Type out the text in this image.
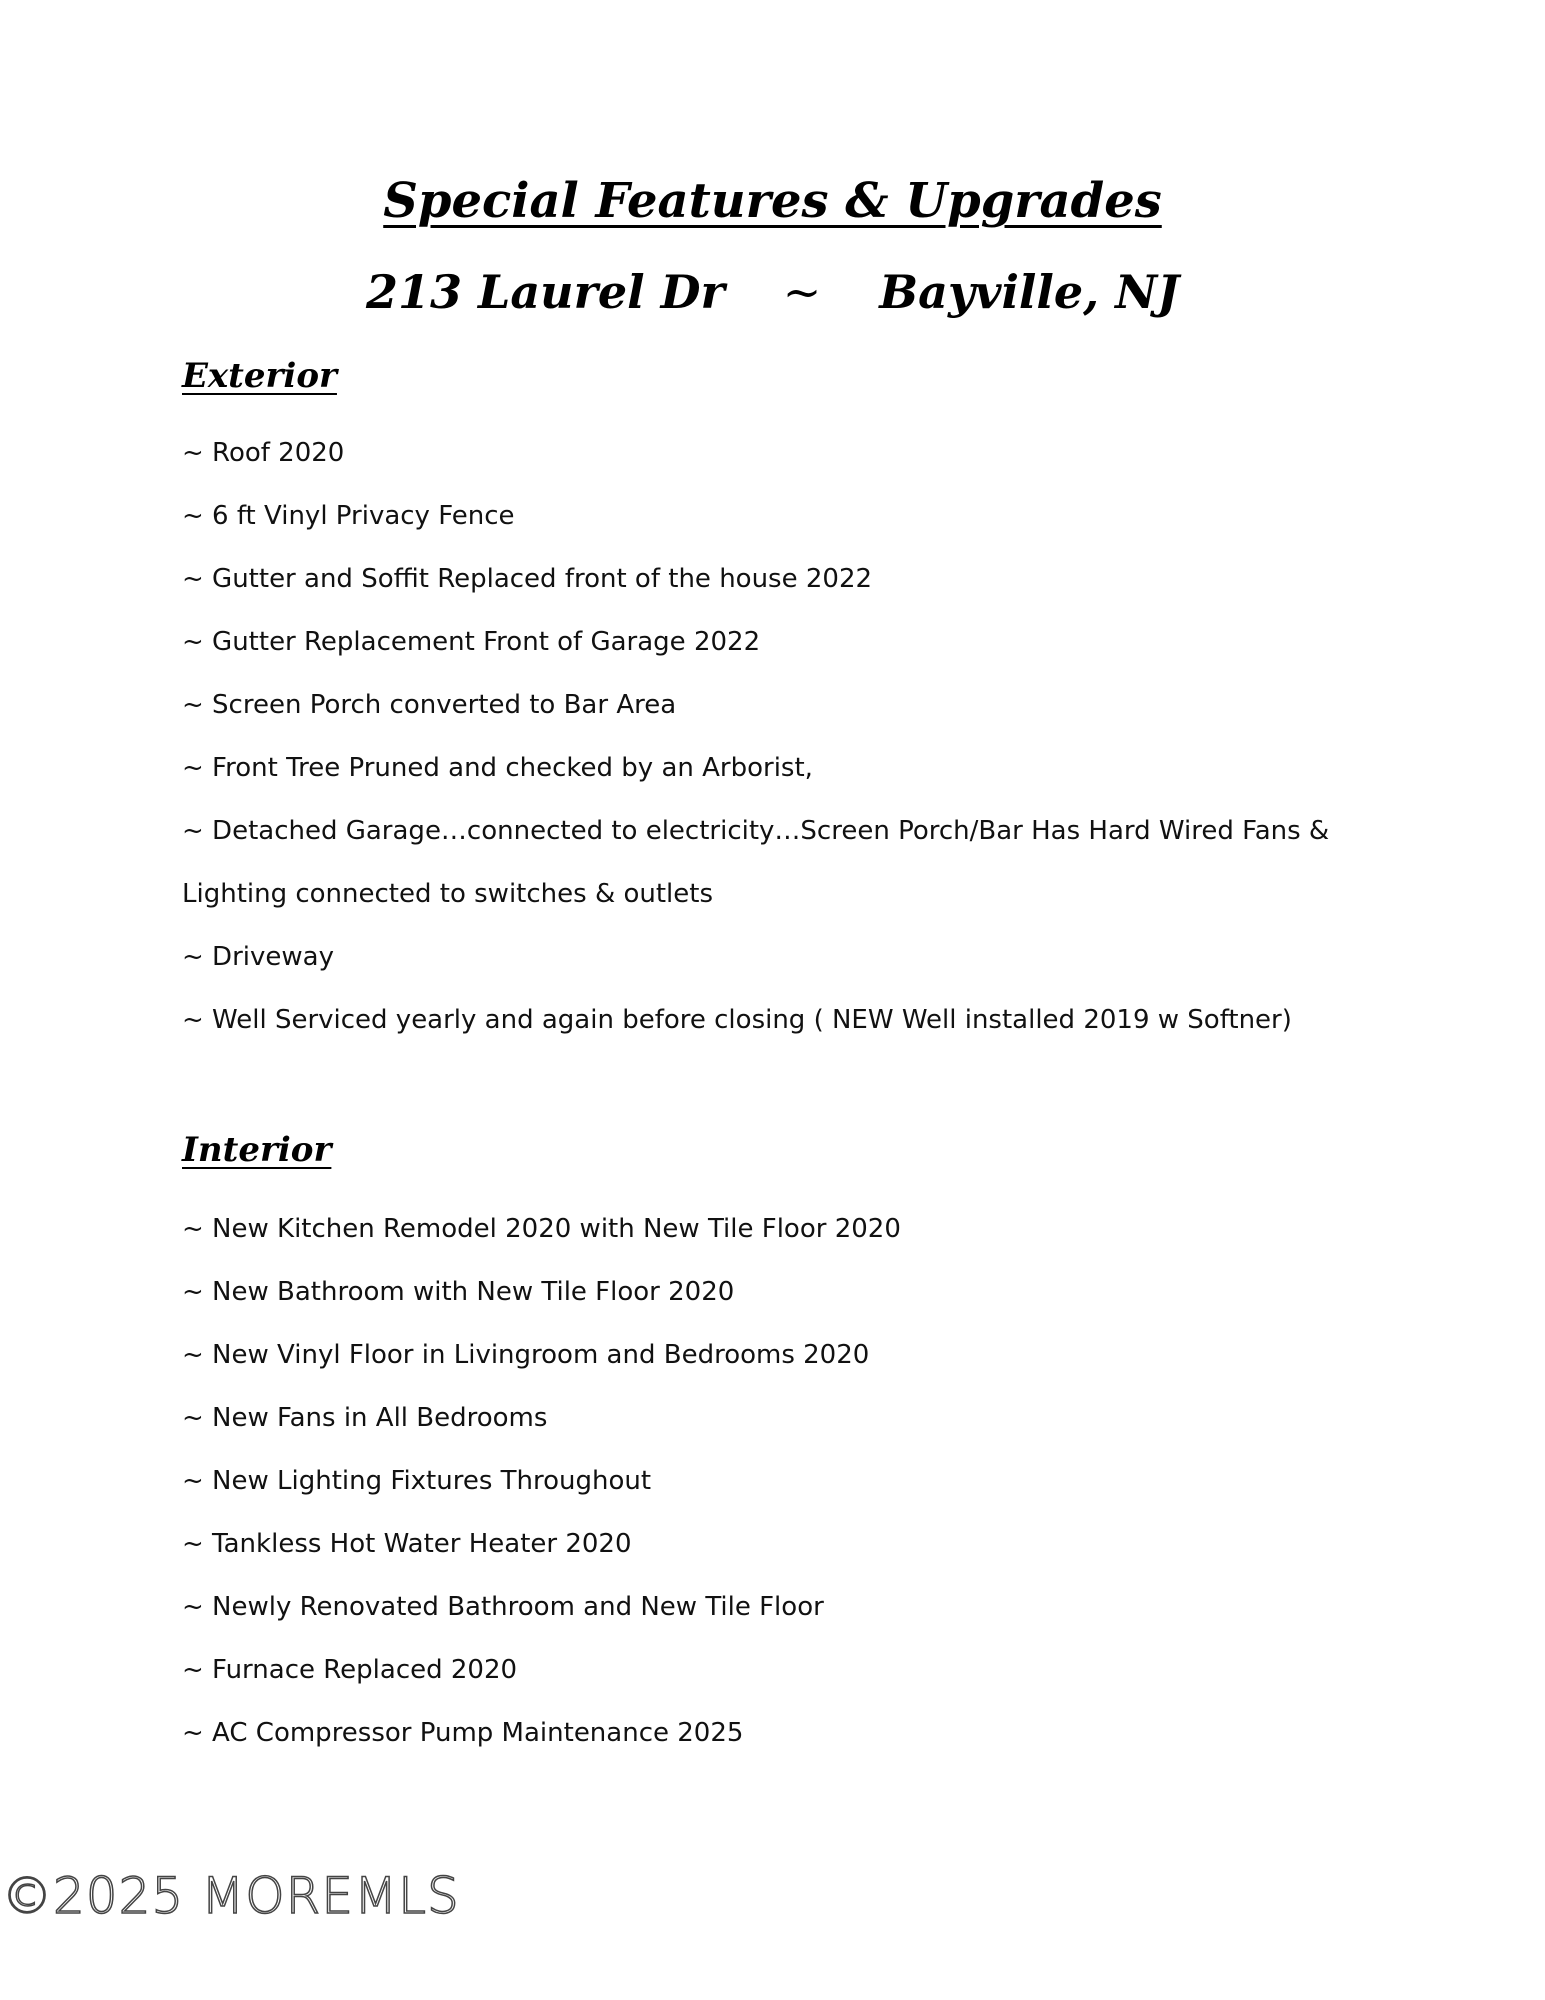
Special Features & Upgrades
213 Laurel Dr ~ Bayville, NJ
Exterior
~ Roof 2020
~ 6 ft Vinyl Privacy Fence
~ Gutter and Soffit Replaced front of the house 2022
~ Gutter Replacement Front of Garage 2022
~ Screen Porch converted to Bar Area
~ Front Tree Pruned and checked by an Arborist,
~ Detached Garage…connected to electricity…Screen Porch/Bar Has Hard Wired Fans & Lighting connected to switches & outlets
~ Driveway
~ Well Serviced yearly and again before closing ( NEW Well installed 2019 w Softner)
Interior
~ New Kitchen Remodel 2020 with New Tile Floor 2020
~ New Bathroom with New Tile Floor 2020
~ New Vinyl Floor in Livingroom and Bedrooms 2020
~ New Fans in All Bedrooms
~ New Lighting Fixtures Throughout
~ Tankless Hot Water Heater 2020
~ Newly Renovated Bathroom and New Tile Floor
~ Furnace Replaced 2020
~ AC Compressor Pump Maintenance 2025
©2025 MOREMLS
